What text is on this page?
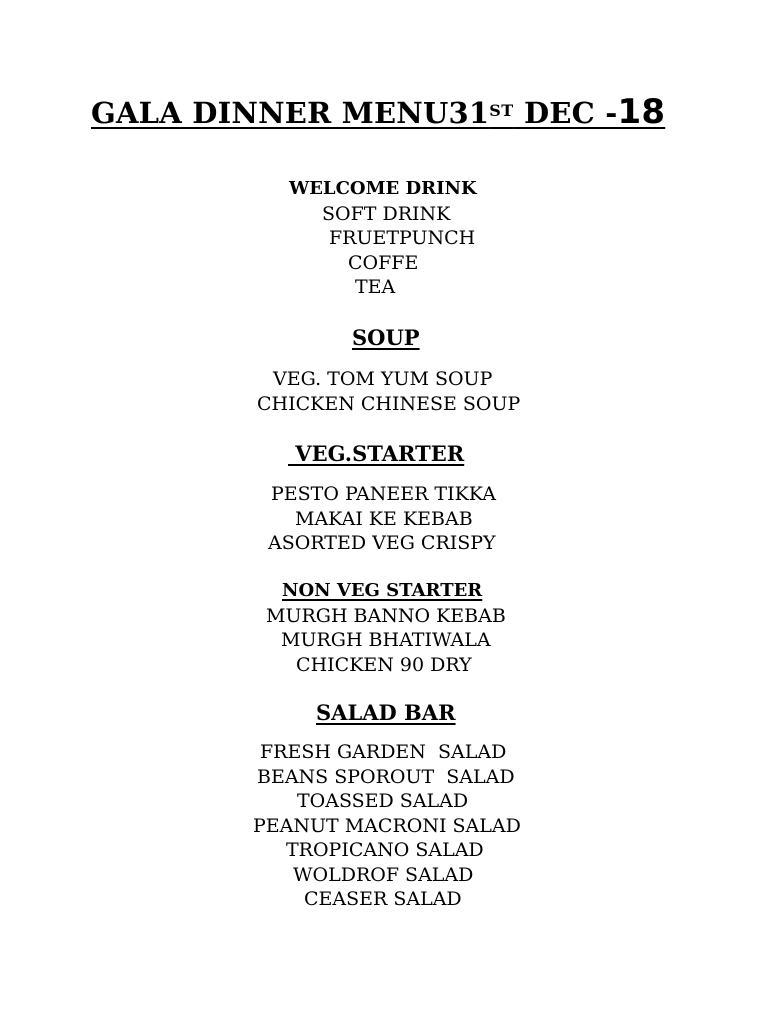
GALA DINNER MENU31ST DEC -18
WELCOME DRINK
SOFT DRINK
FRUETPUNCH
COFFE
TEA
SOUP
VEG. TOM YUM SOUP
CHICKEN CHINESE SOUP
VEG.STARTER
PESTO PANEER TIKKA
MAKAI KE KEBAB
ASORTED VEG CRISPY
NON VEG STARTER
MURGH BANNO KEBAB
MURGH BHATIWALA
CHICKEN 90 DRY
SALAD BAR
FRESH GARDEN  SALAD
BEANS SPOROUT  SALAD
TOASSED SALAD
PEANUT MACRONI SALAD
TROPICANO SALAD
WOLDROF SALAD
CEASER SALAD
